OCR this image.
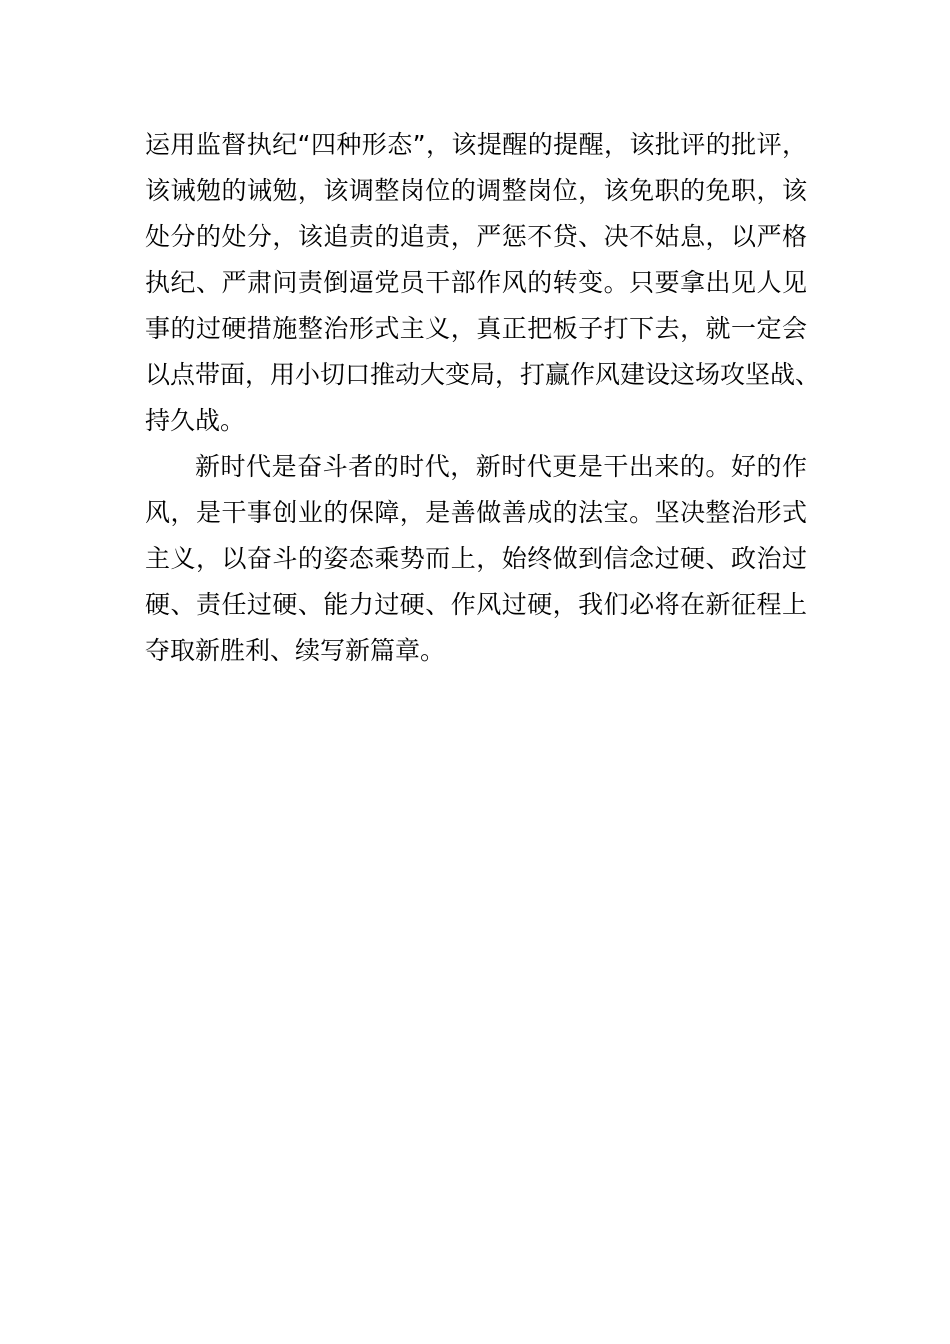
运用监督执纪“四种形态”，该提醒的提醒，该批评的批评，
该诫勉的诫勉，该调整岗位的调整岗位，该免职的免职，该
处分的处分，该追责的追责，严惩不贷、决不姑息，以严格
执纪、严肃问责倒逼党员干部作风的转变。只要拿出见人见
事的过硬措施整治形式主义，真正把板子打下去，就一定会
以点带面，用小切口推动大变局，打赢作风建设这场攻坚战、
持久战。
新时代是奋斗者的时代，新时代更是干出来的。好的作
风，是干事创业的保障，是善做善成的法宝。坚决整治形式
主义，以奋斗的姿态乘势而上，始终做到信念过硬、政治过
硬、责任过硬、能力过硬、作风过硬，我们必将在新征程上
夺取新胜利、续写新篇章。
